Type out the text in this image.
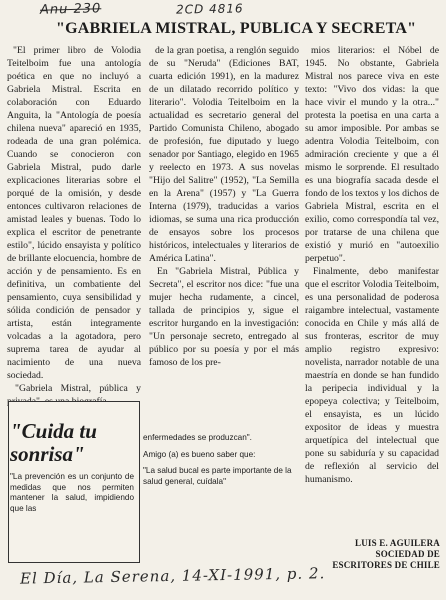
Anu 230	2CD 4816
"GABRIELA MISTRAL, PUBLICA Y SECRETA"

"El primer libro de Volodia Teitelboim fue una antología poética en que no incluyó a Gabriela Mistral. Escrita en colaboración con Eduardo Anguita, la "Antología de poesía chilena nueva" apareció en 1935, rodeada de una gran polémica. Cuando se conocieron con Gabriela Mistral, pudo darle explicaciones literarias sobre el porqué de la omisión, y desde entonces cultivaron relaciones de amistad leales y buenas. Todo lo explica el escritor de penetrante estilo", lúcido ensayista y político de brillante elocuencia, hombre de acción y de pensamiento. Es en definitiva, un combatiente del pensamiento, cuya sensibilidad y sólida condición de pensador y artista, están integramente volcadas a la agotadora, pero suprema tarea de ayudar al nacimiento de una nueva sociedad.

"Gabriela Mistral, pública y

de la gran poetisa, a renglón seguido de su "Neruda" (Ediciones BAT, cuarta edición 1991), en la madurez de un dilatado recorrido político y literario". Volodia Teitelboim en la actualidad es secretario general del Partido Comunista Chileno, abogado de profesión, fue diputado y luego senador por Santiago, elegido en 1965 y reelecto en 1973. A sus novelas "Hijo del Salitre" (1952), "La Semilla en la Arena" (1957) y "La Guerra Interna (1979), traducidas a varios idiomas, se suma una rica producción de ensayos sobre los procesos históricos, intelectuales y literarios de América Latina".

En "Gabriela Mistral, Pública y Secreta", el escritor nos dice: "fue una mujer hecha rudamente, a cincel, tallada de principios y, sigue el escritor hurgando en la investigación: "Un personaje secreto, entregado al público por su poesía y por el más famoso de los pre-

mios literarios: el Nóbel de 1945. No obstante, Gabriela Mistral nos parece viva en este texto: "Vivo dos vidas: la que hace vivir el mundo y la otra..." protesta la poetisa en una carta a su amor imposible. Por ambas se adentra Volodia Teitelboim, con admiración creciente y que a él mismo le sorprende. El resultado es una biografía sacada desde el fondo de los textos y los dichos de Gabriela Mistral, escrita en el exilio, como correspondía tal vez, por tratarse de una chilena que existió y murió en "autoexilio perpetuo".

Finalmente, debo manifestar que el escritor Volodia Teitelboim, es una personalidad de poderosa raigambre intelectual, vastamente conocida en Chile y más allá de sus fronteras, escritor de muy amplio registro expresivo: novelista, narrador notable de una maestría en donde se han fundido la peripecia individual y la epopeya colectiva; y Teitelboim, el ensayista, es un lúcido expositor de ideas y muestra arquetípica del intelectual que pone su sabiduría y su capacidad de reflexión al servicio del humanismo.

"Cuida tu
sonrisa"
"La prevención es un conjunto de medidas que nos permiten mantener la salud, impidiendo que las

enfermedades se produzcan".

Amigo (a) es bueno saber que:

"La salud bucal es parte importante de la salud general, cuídala"

LUIS E. AGUILERA
SOCIEDAD DE
ESCRITORES DE CHILE
El Día, La Serena, 14-XI-1991, p. 2.
